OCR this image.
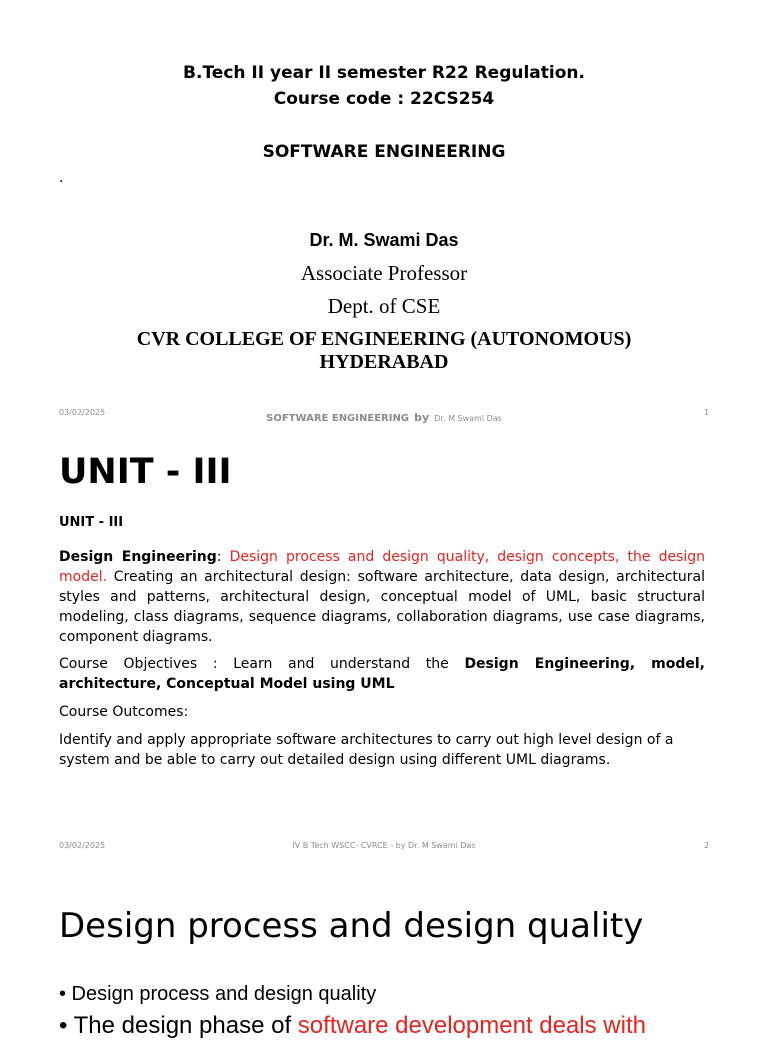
B.Tech II year II semester R22 Regulation.
Course code : 22CS254
SOFTWARE ENGINEERING
.
Dr. M. Swami Das
Associate Professor
Dept. of CSE
CVR COLLEGE OF ENGINEERING (AUTONOMOUS)
HYDERABAD
03/02/2025
SOFTWARE ENGINEERING by Dr. M Swami Das
1
UNIT - III
UNIT - III
Design Engineering: Design process and design quality, design concepts, the design model. Creating an architectural design: software architecture, data design, architectural styles and patterns, architectural design, conceptual model of UML, basic structural modeling, class diagrams, sequence diagrams, collaboration diagrams, use case diagrams, component diagrams.
Course Objectives : Learn and understand the Design Engineering, model, architecture, Conceptual Model using UML
Course Outcomes:
Identify and apply appropriate software architectures to carry out high level design of a system and be able to carry out detailed design using different UML diagrams.
03/02/2025	IV B Tech WSCC- CVRCE - by Dr. M Swami Das	2
Design process and design quality
• Design process and design quality
• The design phase of software development deals with
